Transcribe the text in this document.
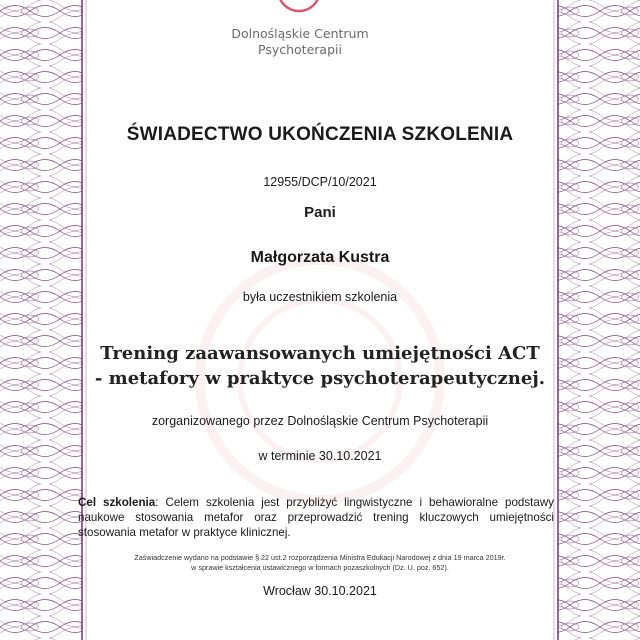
Dolnośląskie Centrum
Psychoterapii
ŚWIADECTWO UKOŃCZENIA SZKOLENIA
12955/DCP/10/2021
Pani
Małgorzata Kustra
była uczestnikiem szkolenia
Trening zaawansowanych umiejętności ACT
- metafory w praktyce psychoterapeutycznej.
zorganizowanego przez Dolnośląskie Centrum Psychoterapii
w terminie 30.10.2021
Cel szkolenia: Celem szkolenia jest przybliżyć lingwistyczne i behawioralne podstawy naukowe stosowania metafor oraz przeprowadzić trening kluczowych umiejętności stosowania metafor w praktyce klinicznej.
Zaświadczenie wydano na podstawie § 22 ust.2 rozporządzenia Ministra Edukacji Narodowej z dnia 19 marca 2019r.
w sprawie kształcenia ustawicznego w formach pozaszkolnych (Dz. U. poz. 652).
Wrocław 30.10.2021
